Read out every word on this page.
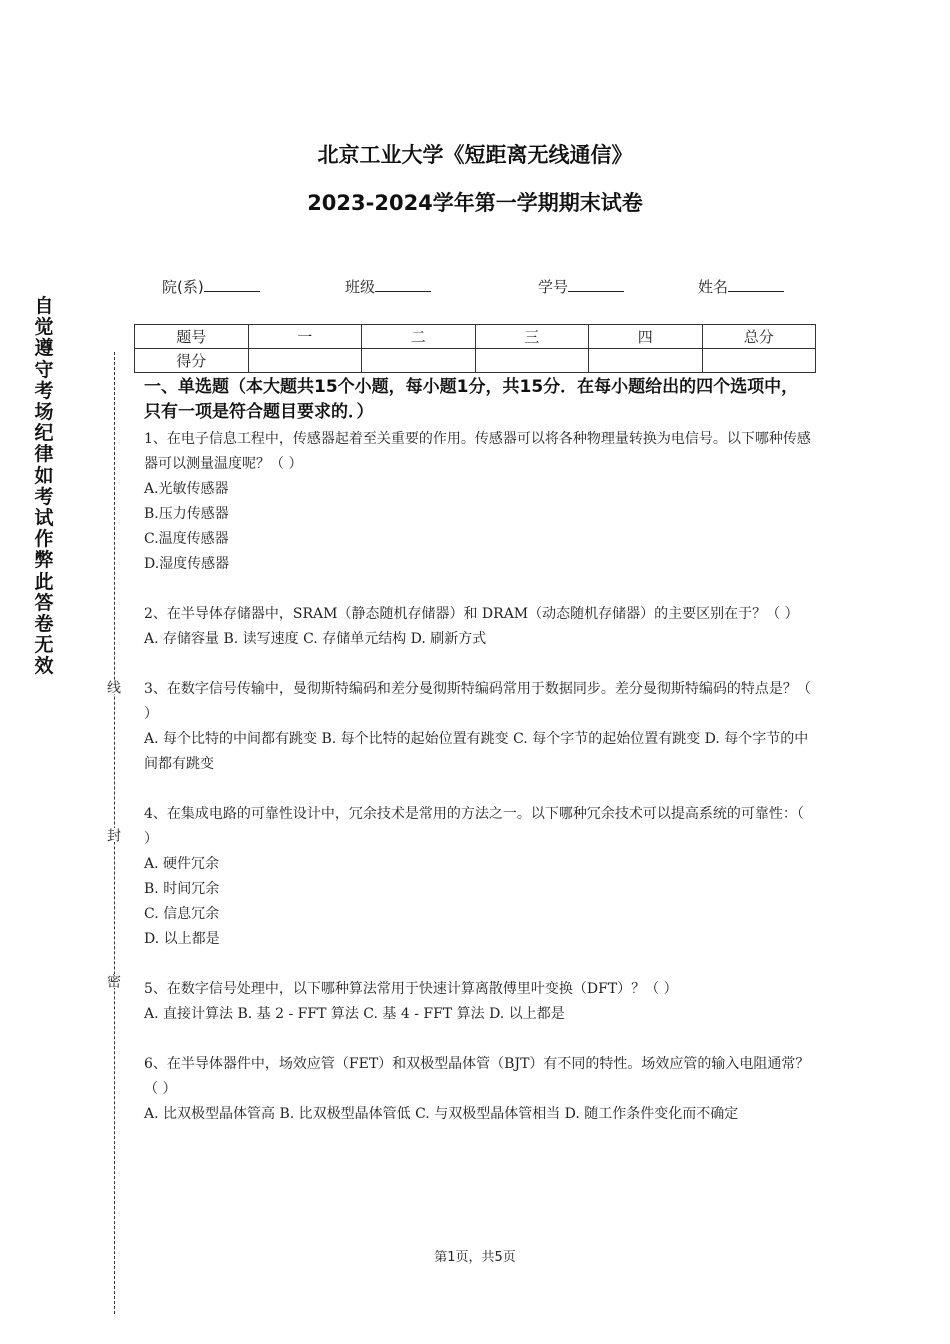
北京工业大学《短距离无线通信》
2023-2024学年第一学期期末试卷
院(系)	班级	学号	姓名
题号	一	二	三	四	总分
得分					
自觉遵守考场纪律如考试作弊此答卷无效
线
封
密
一、单选题（本大题共15个小题，每小题1分，共15分．在每小题给出的四个选项中，只有一项是符合题目要求的．）

1、在电子信息工程中，传感器起着至关重要的作用。传感器可以将各种物理量转换为电信号。以下哪种传感器可以测量温度呢？（ ）

A.光敏传感器

B.压力传感器

C.温度传感器

D.湿度传感器

2、在半导体存储器中，SRAM（静态随机存储器）和 DRAM（动态随机存储器）的主要区别在于？（ ）

A. 存储容量 B. 读写速度 C. 存储单元结构 D. 刷新方式

3、在数字信号传输中，曼彻斯特编码和差分曼彻斯特编码常用于数据同步。差分曼彻斯特编码的特点是？（ ）

A. 每个比特的中间都有跳变 B. 每个比特的起始位置有跳变 C. 每个字节的起始位置有跳变 D. 每个字节的中间都有跳变

4、在集成电路的可靠性设计中，冗余技术是常用的方法之一。以下哪种冗余技术可以提高系统的可靠性：（ ）

A. 硬件冗余

B. 时间冗余

C. 信息冗余

D. 以上都是

5、在数字信号处理中，以下哪种算法常用于快速计算离散傅里叶变换（DFT）？（ ）

A. 直接计算法 B. 基 2 - FFT 算法 C. 基 4 - FFT 算法 D. 以上都是

6、在半导体器件中，场效应管（FET）和双极型晶体管（BJT）有不同的特性。场效应管的输入电阻通常？（ ）

A. 比双极型晶体管高 B. 比双极型晶体管低 C. 与双极型晶体管相当 D. 随工作条件变化而不确定

第1页，共5页
